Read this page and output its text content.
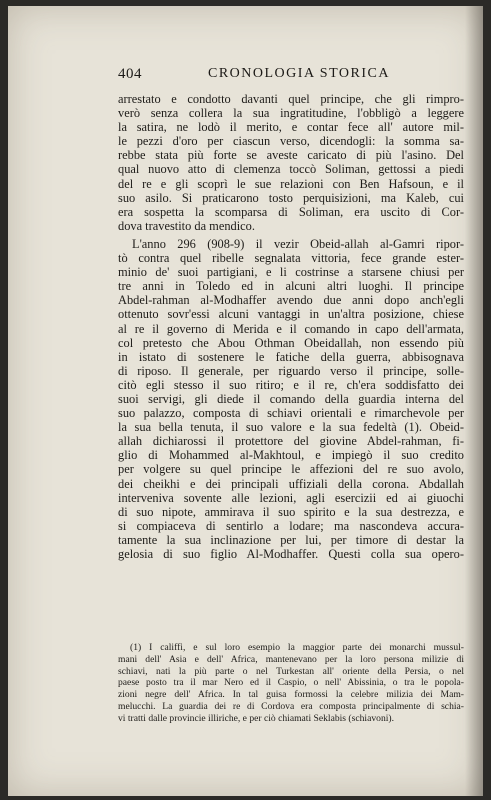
404	CRONOLOGIA STORICA
arrestato e condotto davanti quel principe, che gli rimpro-
verò senza collera la sua ingratitudine, l'obbligò a leggere
la satira, ne lodò il merito, e contar fece all' autore mil-
le pezzi d'oro per ciascun verso, dicendogli: la somma sa-
rebbe stata più forte se aveste caricato di più l'asino. Del
qual nuovo atto di clemenza toccò Soliman, gettossi a piedi
del re e gli scoprì le sue relazioni con Ben Hafsoun, e il
suo asilo. Si praticarono tosto perquisizioni, ma Kaleb, cui
era sospetta la scomparsa di Soliman, era uscito di Cor-
dova travestito da mendico.
L'anno 296 (908-9) il vezir Obeid-allah al-Gamri ripor-
tò contra quel ribelle segnalata vittoria, fece grande ester-
minio de' suoi partigiani, e li costrinse a starsene chiusi per
tre anni in Toledo ed in alcuni altri luoghi. Il principe
Abdel-rahman al-Modhaffer avendo due anni dopo anch'egli
ottenuto sovr'essi alcuni vantaggi in un'altra posizione, chiese
al re il governo di Merida e il comando in capo dell'armata,
col pretesto che Abou Othman Obeidallah, non essendo più
in istato di sostenere le fatiche della guerra, abbisognava
di riposo. Il generale, per riguardo verso il principe, solle-
citò egli stesso il suo ritiro; e il re, ch'era soddisfatto dei
suoi servigi, gli diede il comando della guardia interna del
suo palazzo, composta di schiavi orientali e rimarchevole per
la sua bella tenuta, il suo valore e la sua fedeltà (1). Obeid-
allah dichiarossi il protettore del giovine Abdel-rahman, fi-
glio di Mohammed al-Makhtoul, e impiegò il suo credito
per volgere su quel principe le affezioni del re suo avolo,
dei cheikhi e dei principali uffiziali della corona. Abdallah
interveniva sovente alle lezioni, agli esercizii ed ai giuochi
di suo nipote, ammirava il suo spirito e la sua destrezza, e
si compiaceva di sentirlo a lodare; ma nascondeva accura-
tamente la sua inclinazione per lui, per timore di destar la
gelosia di suo figlio Al-Modhaffer. Questi colla sua opero-
(1) I califfi, e sul loro esempio la maggior parte dei monarchi mussul-
mani dell' Asia e dell' Africa, mantenevano per la loro persona milizie di
schiavi, nati la più parte o nel Turkestan all' oriente della Persia, o nel
paese posto tra il mar Nero ed il Caspio, o nell' Abissinia, o tra le popola-
zioni negre dell' Africa. In tal guisa formossi la celebre milizia dei Mam-
melucchi. La guardia dei re di Cordova era composta principalmente di schia-
vi tratti dalle provincie illiriche, e per ciò chiamati Seklabis (schiavoni).
